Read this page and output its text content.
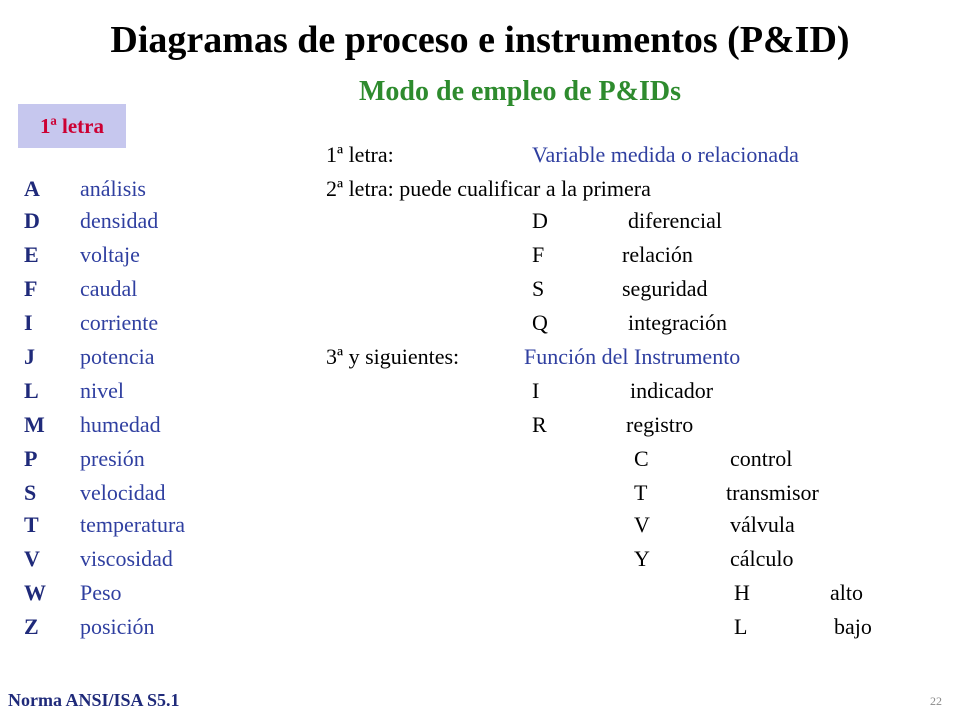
Diagramas de proceso e instrumentos (P&ID)
Modo de empleo de P&IDs
1ª letra
A análisis
D densidad
E voltaje
F caudal
I corriente
J potencia
L nivel
M humedad
P presión
S velocidad
T temperatura
V viscosidad
W Peso
Z posición
1ª letra:	Variable medida o relacionada
2ª letra: puede cualificar a la primera
D	diferencial
F	relación
S	seguridad
Q	integración
3ª y siguientes:	Función del Instrumento
I	indicador
R	registro
C	control
T	transmisor
V	válvula
Y	cálculo
H	alto
L	bajo
Norma ANSI/ISA S5.1	22
